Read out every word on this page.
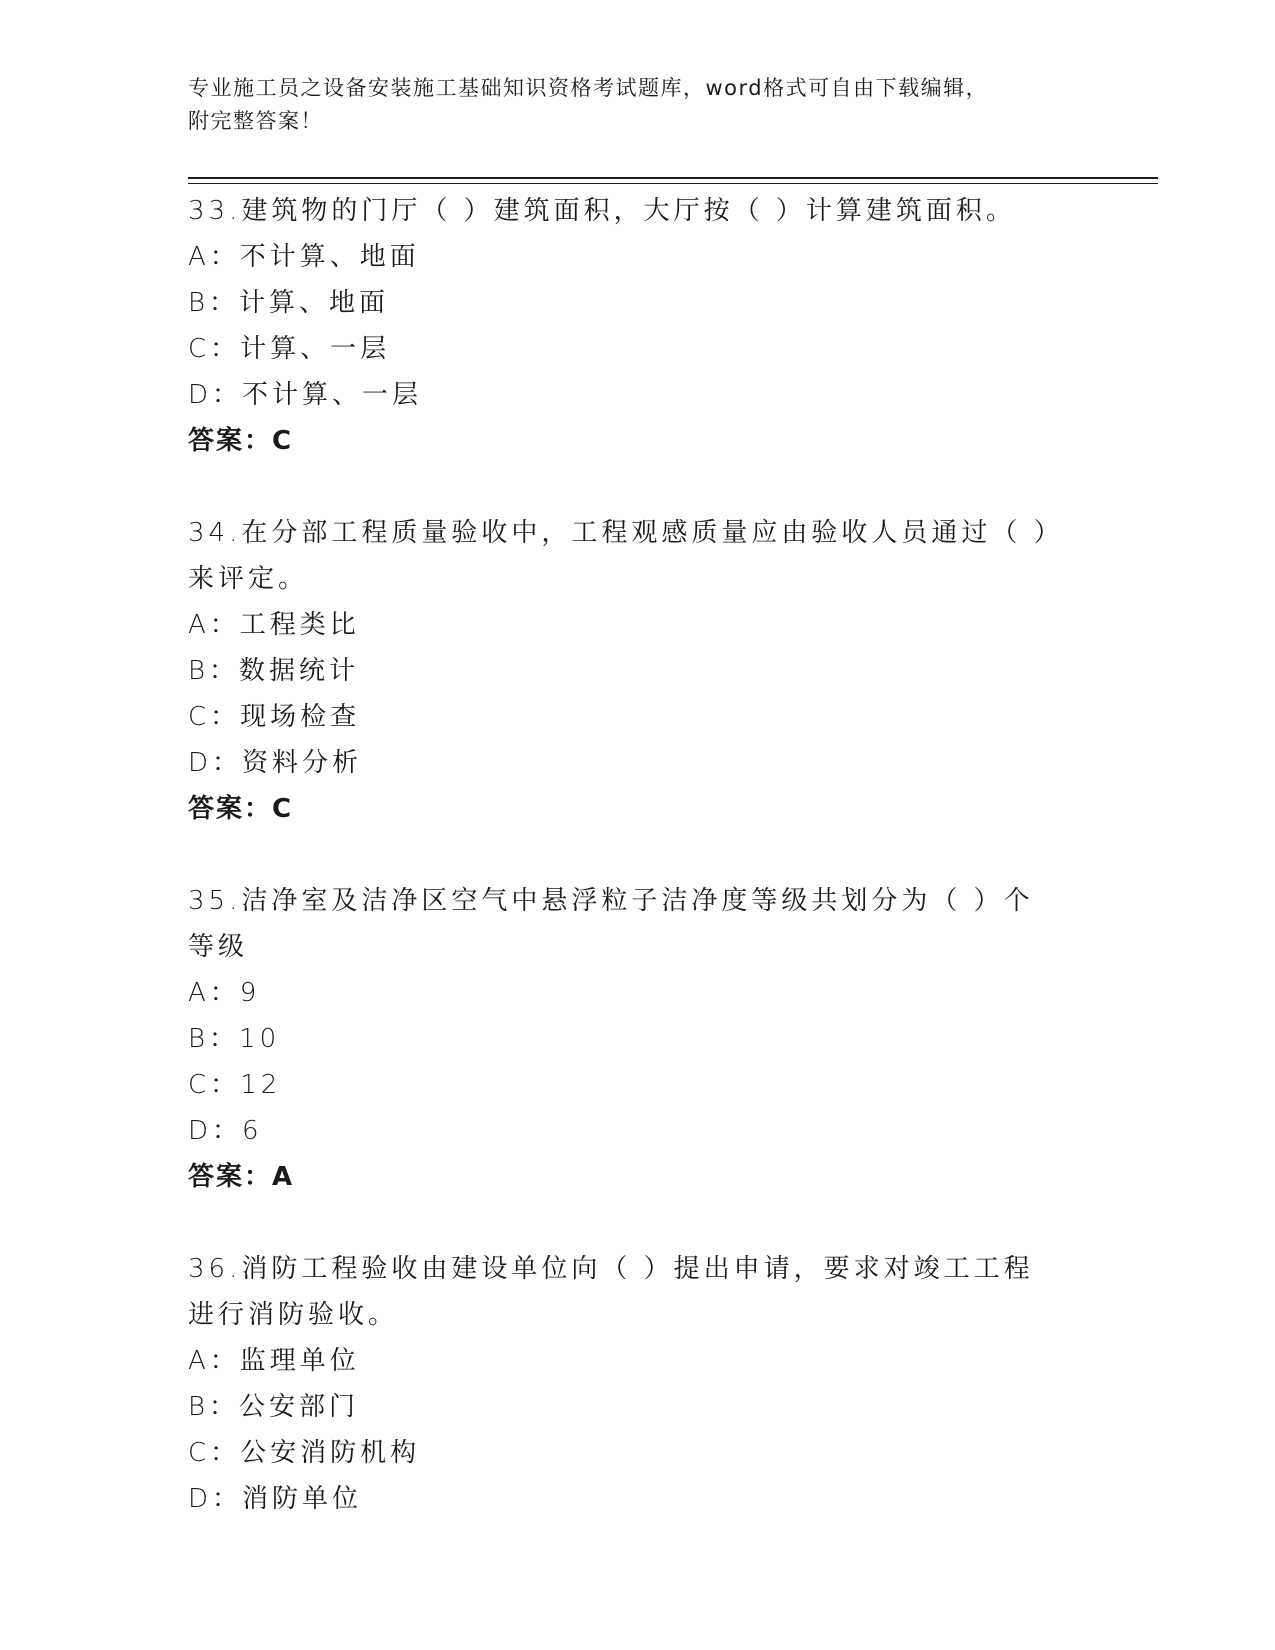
专业施工员之设备安装施工基础知识资格考试题库，word格式可自由下载编辑，
附完整答案！
33.建筑物的门厅（ ）建筑面积，大厅按（ ）计算建筑面积。
A：不计算、地面
B：计算、地面
C：计算、一层
D：不计算、一层
答案：C
34.在分部工程质量验收中，工程观感质量应由验收人员通过（ ）来评定。
A：工程类比
B：数据统计
C：现场检查
D：资料分析
答案：C
35.洁净室及洁净区空气中悬浮粒子洁净度等级共划分为（ ）个等级
A：9
B：10
C：12
D：6
答案：A
36.消防工程验收由建设单位向（ ）提出申请，要求对竣工工程进行消防验收。
A：监理单位
B：公安部门
C：公安消防机构
D：消防单位
